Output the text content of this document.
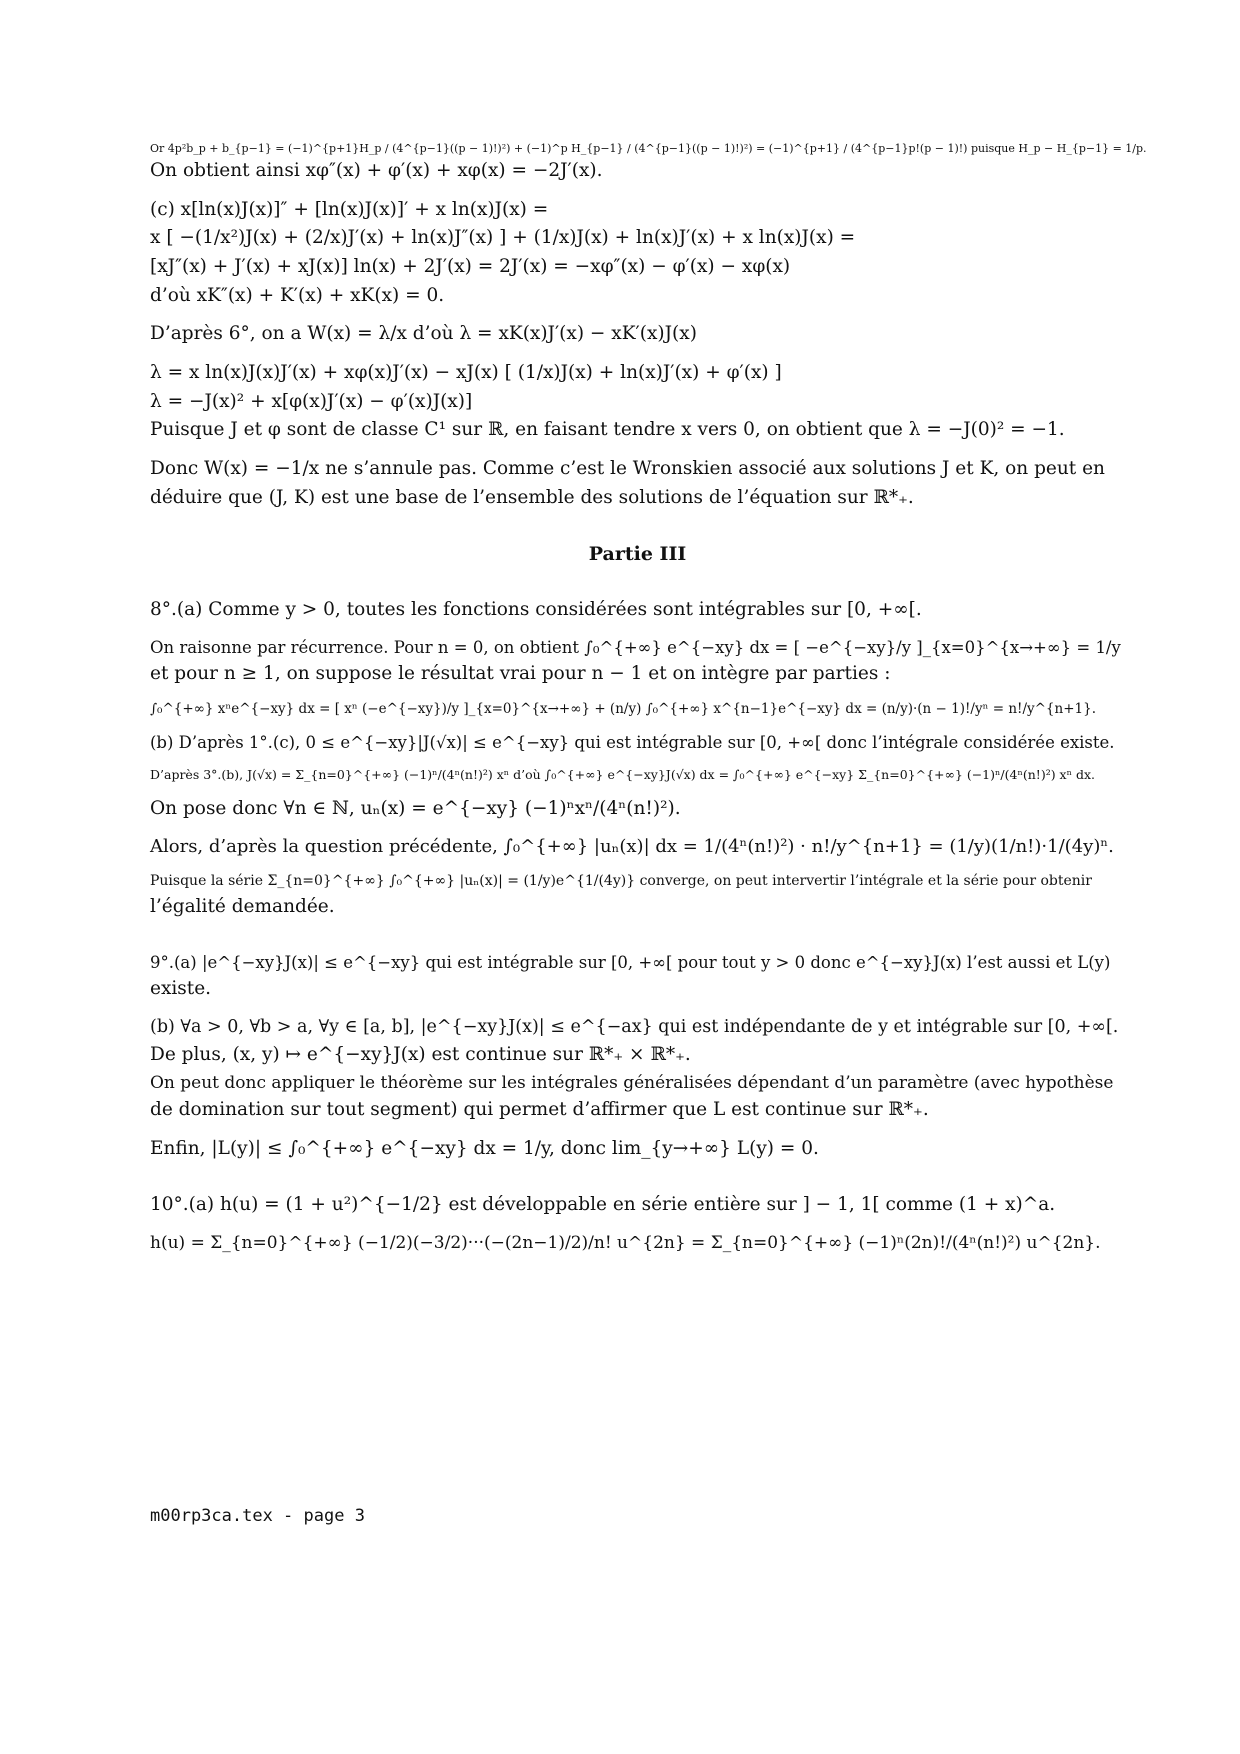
Or 4p²b_p + b_{p−1} = (−1)^{p+1}H_p / (4^{p−1}((p − 1)!)²) + (−1)^p H_{p−1} / (4^{p−1}((p − 1)!)²) = (−1)^{p+1} / (4^{p−1}p!(p − 1)!) puisque H_p − H_{p−1} = 1/p.

On obtient ainsi xφ″(x) + φ′(x) + xφ(x) = −2J′(x).

(c) x[ln(x)J(x)]″ + [ln(x)J(x)]′ + x ln(x)J(x) =

x [ −(1/x²)J(x) + (2/x)J′(x) + ln(x)J″(x) ] + (1/x)J(x) + ln(x)J′(x) + x ln(x)J(x) =

[xJ″(x) + J′(x) + xJ(x)] ln(x) + 2J′(x) = 2J′(x) = −xφ″(x) − φ′(x) − xφ(x)

d’où xK″(x) + K′(x) + xK(x) = 0.

D’après 6°, on a W(x) = λ/x d’où λ = xK(x)J′(x) − xK′(x)J(x)

λ = x ln(x)J(x)J′(x) + xφ(x)J′(x) − xJ(x) [ (1/x)J(x) + ln(x)J′(x) + φ′(x) ]

λ = −J(x)² + x[φ(x)J′(x) − φ′(x)J(x)]

Puisque J et φ sont de classe C¹ sur ℝ, en faisant tendre x vers 0, on obtient que λ = −J(0)² = −1.

Donc W(x) = −1/x ne s’annule pas. Comme c’est le Wronskien associé aux solutions J et K, on peut en

déduire que (J, K) est une base de l’ensemble des solutions de l’équation sur ℝ*₊.

Partie III

8°.(a) Comme y > 0, toutes les fonctions considérées sont intégrables sur [0, +∞[.

On raisonne par récurrence. Pour n = 0, on obtient ∫₀^{+∞} e^{−xy} dx = [ −e^{−xy}/y ]_{x=0}^{x→+∞} = 1/y

et pour n ≥ 1, on suppose le résultat vrai pour n − 1 et on intègre par parties :

∫₀^{+∞} xⁿe^{−xy} dx = [ xⁿ (−e^{−xy})/y ]_{x=0}^{x→+∞} + (n/y) ∫₀^{+∞} x^{n−1}e^{−xy} dx = (n/y)·(n − 1)!/yⁿ = n!/y^{n+1}.

(b) D’après 1°.(c), 0 ≤ e^{−xy}|J(√x)| ≤ e^{−xy} qui est intégrable sur [0, +∞[ donc l’intégrale considérée existe.

D’après 3°.(b), J(√x) = Σ_{n=0}^{+∞} (−1)ⁿ/(4ⁿ(n!)²) xⁿ d’où ∫₀^{+∞} e^{−xy}J(√x) dx = ∫₀^{+∞} e^{−xy} Σ_{n=0}^{+∞} (−1)ⁿ/(4ⁿ(n!)²) xⁿ dx.

On pose donc ∀n ∈ ℕ, uₙ(x) = e^{−xy} (−1)ⁿxⁿ/(4ⁿ(n!)²).

Alors, d’après la question précédente, ∫₀^{+∞} |uₙ(x)| dx = 1/(4ⁿ(n!)²) · n!/y^{n+1} = (1/y)(1/n!)·1/(4y)ⁿ.

Puisque la série Σ_{n=0}^{+∞} ∫₀^{+∞} |uₙ(x)| = (1/y)e^{1/(4y)} converge, on peut intervertir l’intégrale et la série pour obtenir

l’égalité demandée.

9°.(a) |e^{−xy}J(x)| ≤ e^{−xy} qui est intégrable sur [0, +∞[ pour tout y > 0 donc e^{−xy}J(x) l’est aussi et L(y)

existe.

(b) ∀a > 0, ∀b > a, ∀y ∈ [a, b], |e^{−xy}J(x)| ≤ e^{−ax} qui est indépendante de y et intégrable sur [0, +∞[.

De plus, (x, y) ↦ e^{−xy}J(x) est continue sur ℝ*₊ × ℝ*₊.

On peut donc appliquer le théorème sur les intégrales généralisées dépendant d’un paramètre (avec hypothèse

de domination sur tout segment) qui permet d’affirmer que L est continue sur ℝ*₊.

Enfin, |L(y)| ≤ ∫₀^{+∞} e^{−xy} dx = 1/y, donc lim_{y→+∞} L(y) = 0.

10°.(a) h(u) = (1 + u²)^{−1/2} est développable en série entière sur ] − 1, 1[ comme (1 + x)^a.

h(u) = Σ_{n=0}^{+∞} (−1/2)(−3/2)···(−(2n−1)/2)/n! u^{2n} = Σ_{n=0}^{+∞} (−1)ⁿ(2n)!/(4ⁿ(n!)²) u^{2n}.

m00rp3ca.tex - page 3
